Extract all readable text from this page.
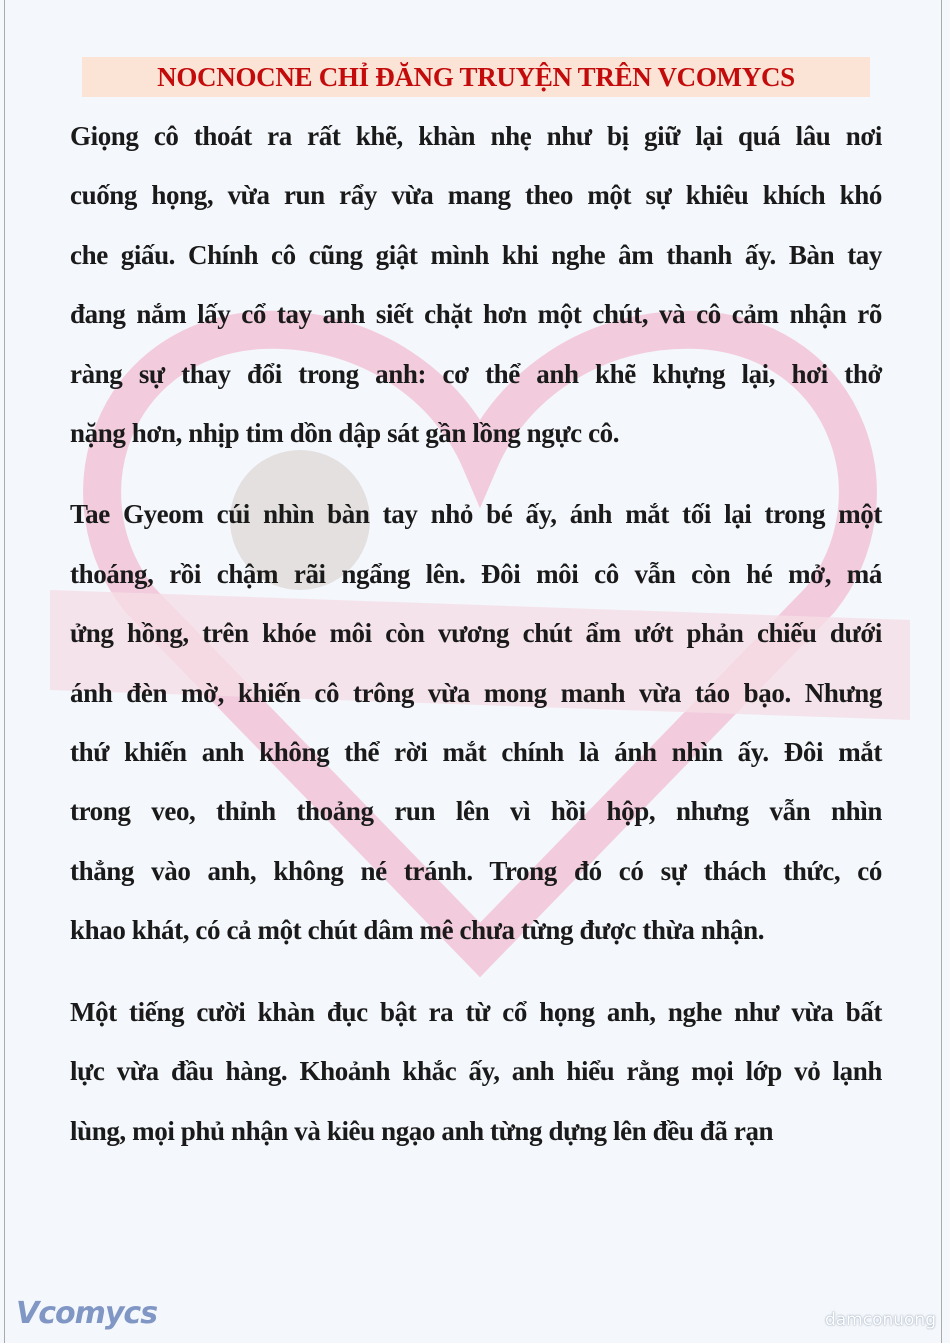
NOCNOCNE CHỈ ĐĂNG TRUYỆN TRÊN VCOMYCS
Giọng cô thoát ra rất khẽ, khàn nhẹ như bị giữ lại quá lâu nơi
cuống họng, vừa run rẩy vừa mang theo một sự khiêu khích khó
che giấu. Chính cô cũng giật mình khi nghe âm thanh ấy. Bàn tay
đang nắm lấy cổ tay anh siết chặt hơn một chút, và cô cảm nhận rõ
ràng sự thay đổi trong anh: cơ thể anh khẽ khựng lại, hơi thở
nặng hơn, nhịp tim dồn dập sát gần lồng ngực cô.
Tae Gyeom cúi nhìn bàn tay nhỏ bé ấy, ánh mắt tối lại trong một
thoáng, rồi chậm rãi ngẩng lên. Đôi môi cô vẫn còn hé mở, má
ửng hồng, trên khóe môi còn vương chút ẩm ướt phản chiếu dưới
ánh đèn mờ, khiến cô trông vừa mong manh vừa táo bạo. Nhưng
thứ khiến anh không thể rời mắt chính là ánh nhìn ấy. Đôi mắt
trong veo, thỉnh thoảng run lên vì hồi hộp, nhưng vẫn nhìn
thẳng vào anh, không né tránh. Trong đó có sự thách thức, có
khao khát, có cả một chút dâm mê chưa từng được thừa nhận.
Một tiếng cười khàn đục bật ra từ cổ họng anh, nghe như vừa bất
lực vừa đầu hàng. Khoảnh khắc ấy, anh hiểu rằng mọi lớp vỏ lạnh
lùng, mọi phủ nhận và kiêu ngạo anh từng dựng lên đều đã rạn
Vcomycs	damconuong
